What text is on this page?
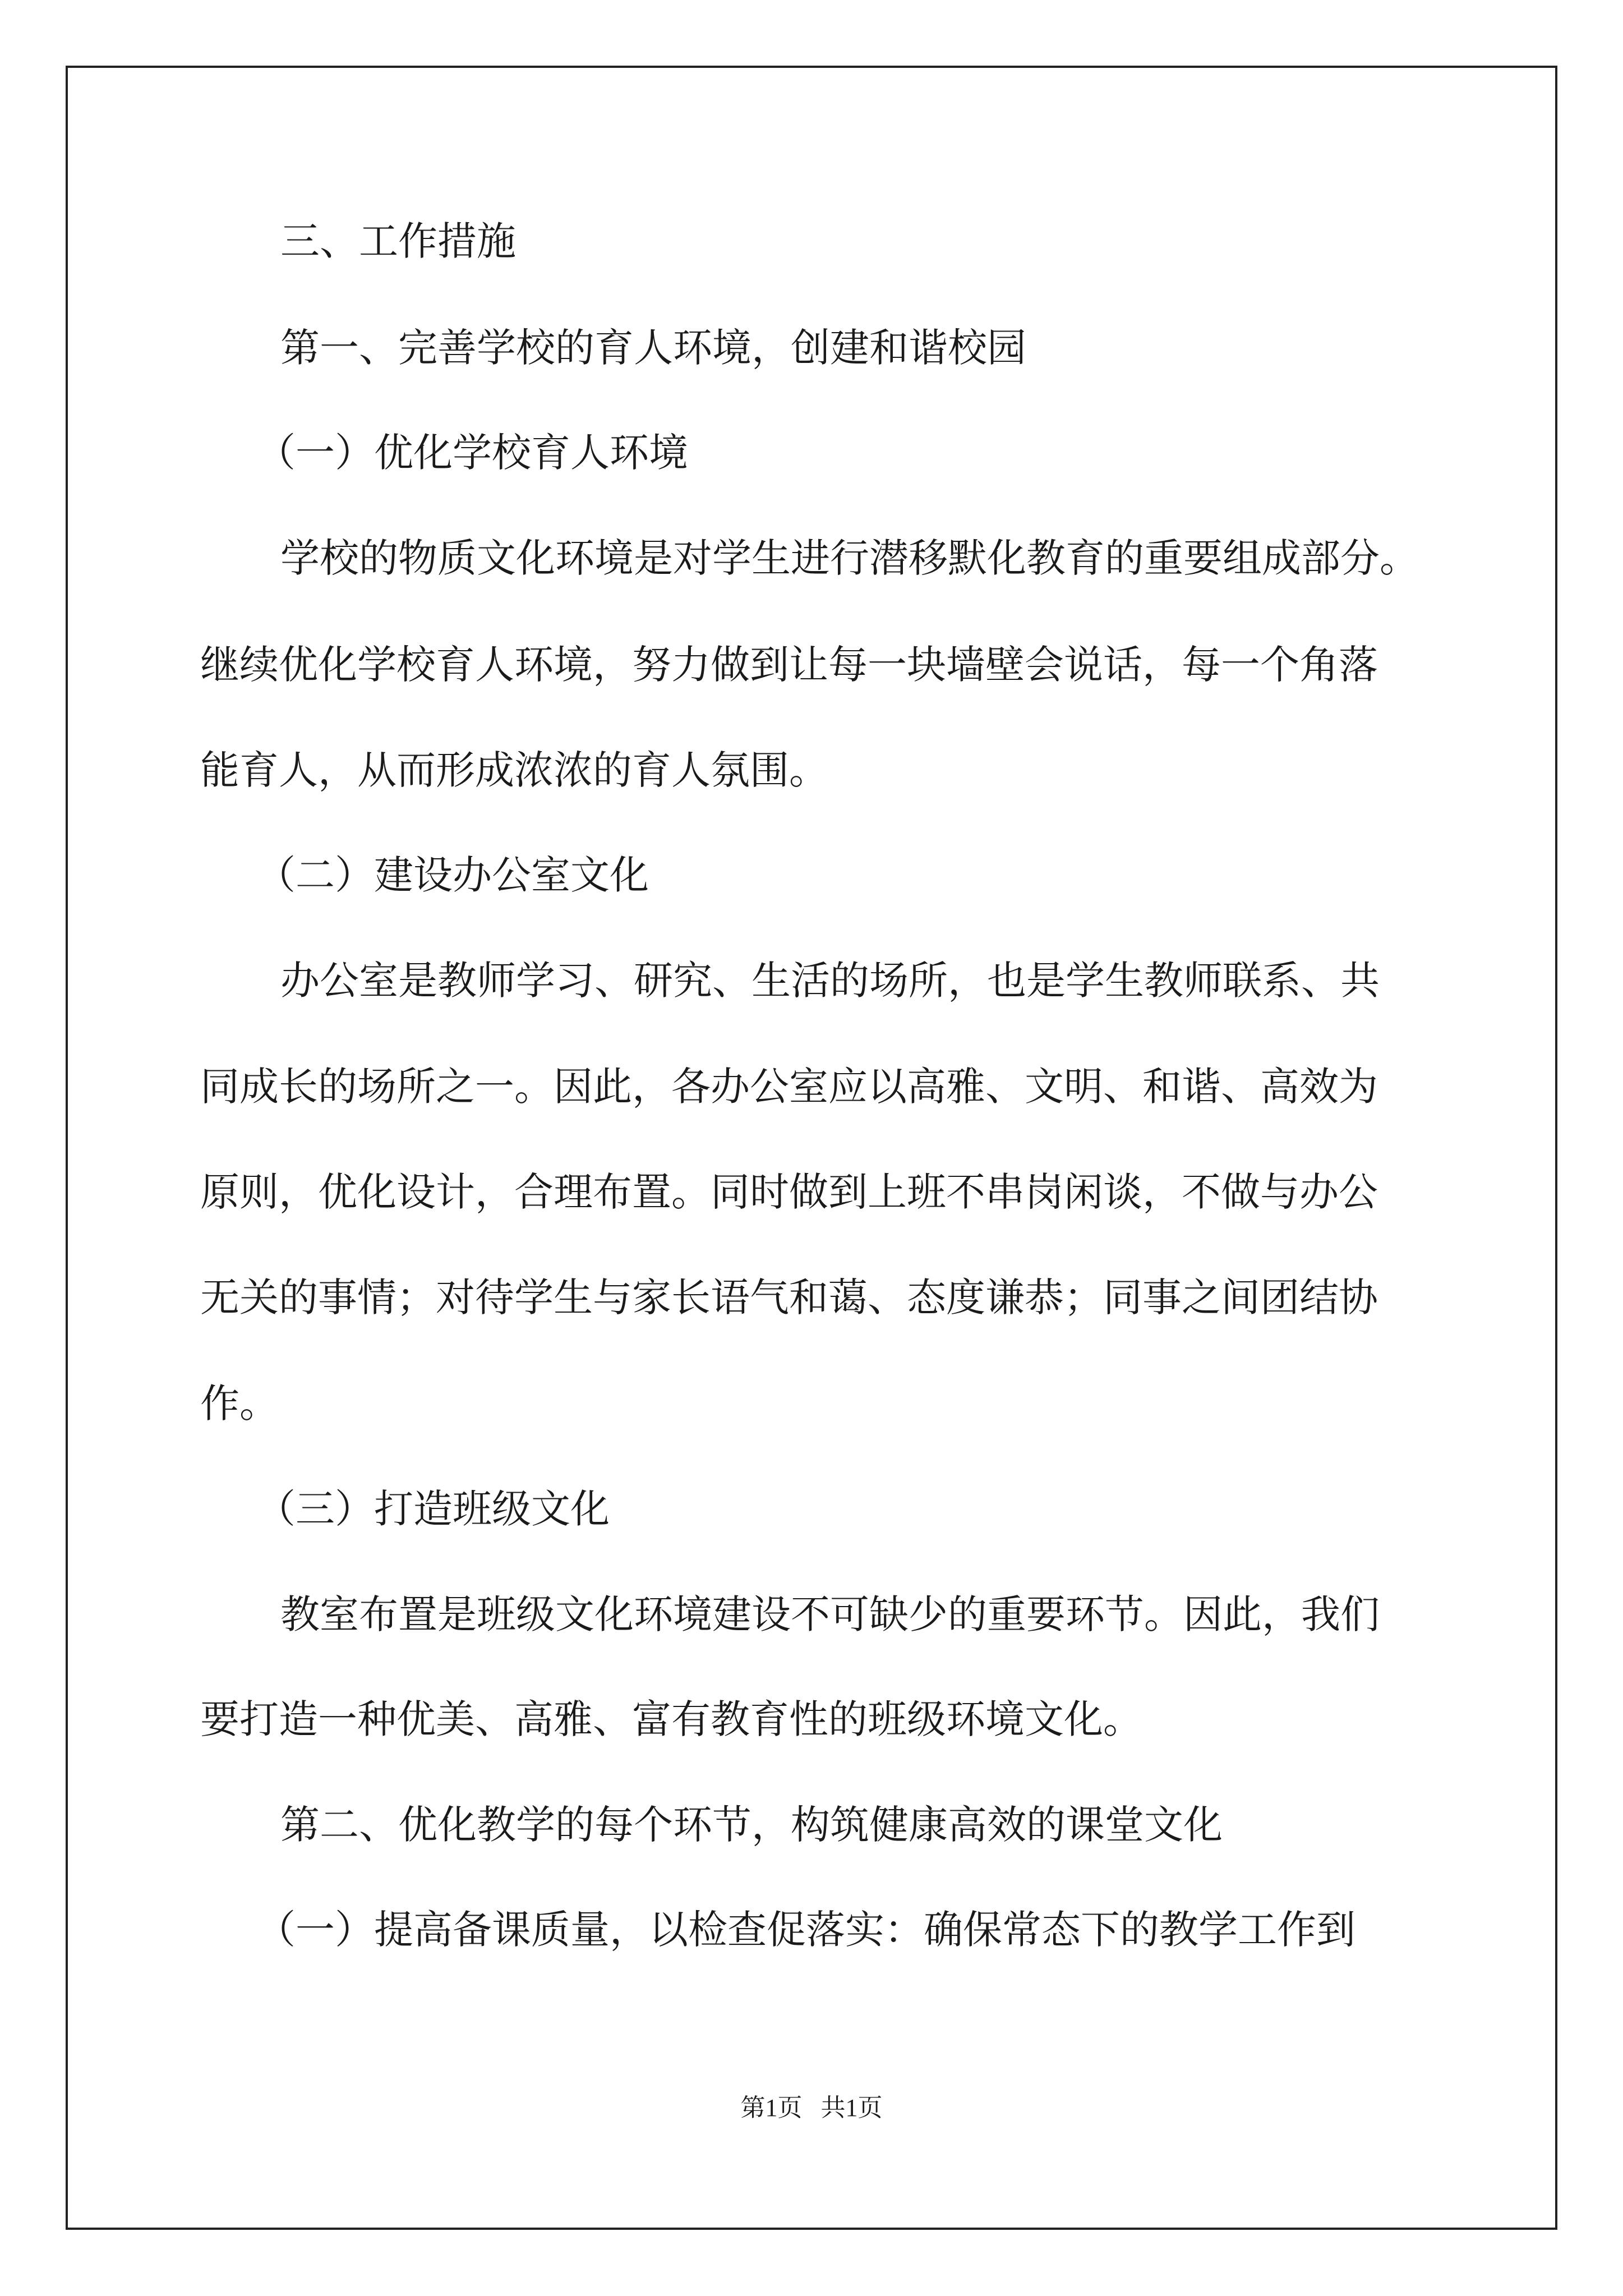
三、工作措施
第一、完善学校的育人环境，创建和谐校园
（一）优化学校育人环境
学校的物质文化环境是对学生进行潜移默化教育的重要组成部分。
继续优化学校育人环境，努力做到让每一块墙壁会说话，每一个角落
能育人，从而形成浓浓的育人氛围。
（二）建设办公室文化
办公室是教师学习、研究、生活的场所，也是学生教师联系、共
同成长的场所之一。因此，各办公室应以高雅、文明、和谐、高效为
原则，优化设计，合理布置。同时做到上班不串岗闲谈，不做与办公
无关的事情；对待学生与家长语气和蔼、态度谦恭；同事之间团结协
作。
（三）打造班级文化
教室布置是班级文化环境建设不可缺少的重要环节。因此，我们
要打造一种优美、高雅、富有教育性的班级环境文化。
第二、优化教学的每个环节，构筑健康高效的课堂文化
（一）提高备课质量，以检查促落实：确保常态下的教学工作到
第1页 共1页
